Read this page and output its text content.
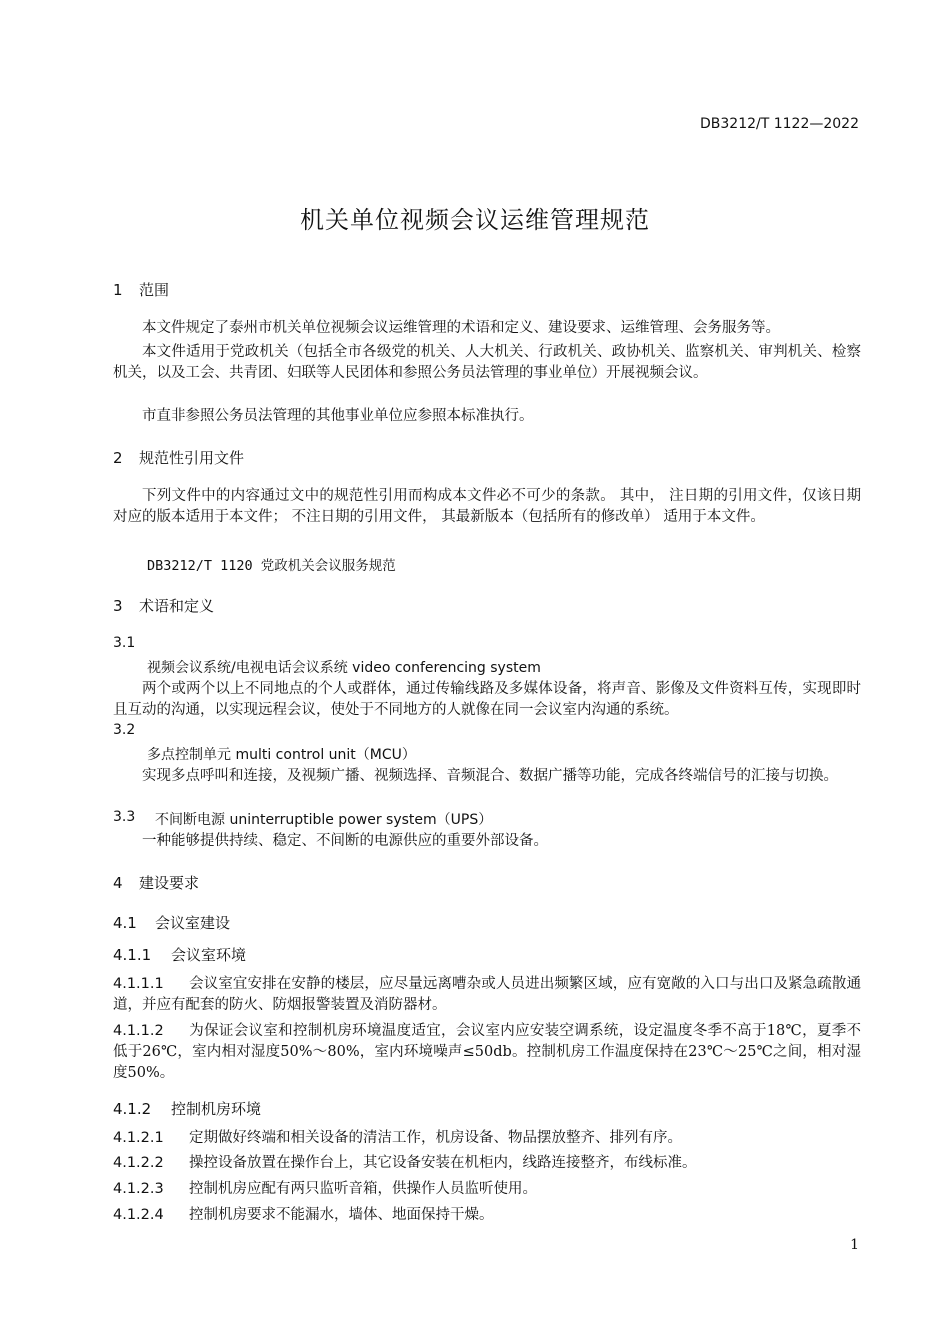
DB3212/T 1122—2022
机关单位视频会议运维管理规范
1 范围
本文件规定了泰州市机关单位视频会议运维管理的术语和定义、建设要求、运维管理、会务服务等。
本文件适用于党政机关（包括全市各级党的机关、人大机关、行政机关、政协机关、监察机关、审判机关、检察机关，以及工会、共青团、妇联等人民团体和参照公务员法管理的事业单位）开展视频会议。
市直非参照公务员法管理的其他事业单位应参照本标准执行。
2 规范性引用文件
下列文件中的内容通过文中的规范性引用而构成本文件必不可少的条款。 其中， 注日期的引用文件，仅该日期对应的版本适用于本文件； 不注日期的引用文件， 其最新版本（包括所有的修改单） 适用于本文件。
DB3212/T 1120 党政机关会议服务规范
3 术语和定义
3.1
视频会议系统/电视电话会议系统 video conferencing system
两个或两个以上不同地点的个人或群体，通过传输线路及多媒体设备，将声音、影像及文件资料互传，实现即时且互动的沟通，以实现远程会议，使处于不同地方的人就像在同一会议室内沟通的系统。
3.2
多点控制单元 multi control unit（MCU）
实现多点呼叫和连接，及视频广播、视频选择、音频混合、数据广播等功能，完成各终端信号的汇接与切换。
3.3 不间断电源 uninterruptible power system（UPS）
一种能够提供持续、稳定、不间断的电源供应的重要外部设备。
4 建设要求
4.1 会议室建设
4.1.1 会议室环境
4.1.1.1 会议室宜安排在安静的楼层，应尽量远离嘈杂或人员进出频繁区域，应有宽敞的入口与出口及紧急疏散通道，并应有配套的防火、防烟报警装置及消防器材。
4.1.1.2 为保证会议室和控制机房环境温度适宜，会议室内应安装空调系统，设定温度冬季不高于18℃，夏季不低于26℃，室内相对湿度50%～80%，室内环境噪声≤50db。控制机房工作温度保持在23℃～25℃之间，相对湿度50%。
4.1.2 控制机房环境
4.1.2.1 定期做好终端和相关设备的清洁工作，机房设备、物品摆放整齐、排列有序。
4.1.2.2 操控设备放置在操作台上，其它设备安装在机柜内，线路连接整齐，布线标准。
4.1.2.3 控制机房应配有两只监听音箱，供操作人员监听使用。
4.1.2.4 控制机房要求不能漏水，墙体、地面保持干燥。
1
